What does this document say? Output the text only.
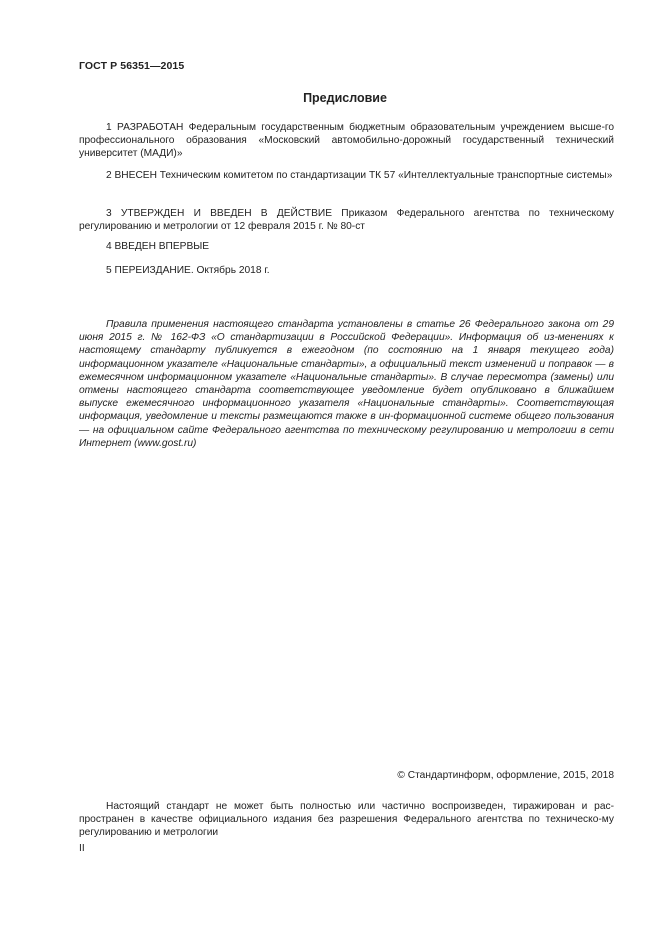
ГОСТ Р 56351—2015
Предисловие

1 РАЗРАБОТАН Федеральным государственным бюджетным образовательным учреждением высше-го профессионального образования «Московский автомобильно-дорожный государственный технический университет (МАДИ)»

2 ВНЕСЕН Техническим комитетом по стандартизации ТК 57 «Интеллектуальные транспортные системы»

3 УТВЕРЖДЕН И ВВЕДЕН В ДЕЙСТВИЕ Приказом Федерального агентства по техническому регулированию и метрологии от 12 февраля 2015 г. № 80-ст

4 ВВЕДЕН ВПЕРВЫЕ

5 ПЕРЕИЗДАНИЕ. Октябрь 2018 г.

Правила применения настоящего стандарта установлены в статье 26 Федерального закона от 29 июня 2015 г. № 162-ФЗ «О стандартизации в Российской Федерации». Информация об из-менениях к настоящему стандарту публикуется в ежегодном (по состоянию на 1 января текущего года) информационном указателе «Национальные стандарты», а официальный текст изменений и поправок — в ежемесячном информационном указателе «Национальные стандарты». В случае пересмотра (замены) или отмены настоящего стандарта соответствующее уведомление будет опубликовано в ближайшем выпуске ежемесячного информационного указателя «Национальные стандарты». Соответствующая информация, уведомление и тексты размещаются также в ин-формационной системе общего пользования — на официальном сайте Федерального агентства по техническому регулированию и метрологии в сети Интернет (www.gost.ru)

© Стандартинформ, оформление, 2015, 2018

Настоящий стандарт не может быть полностью или частично воспроизведен, тиражирован и рас-пространен в качестве официального издания без разрешения Федерального агентства по техническо-му регулированию и метрологии

II
